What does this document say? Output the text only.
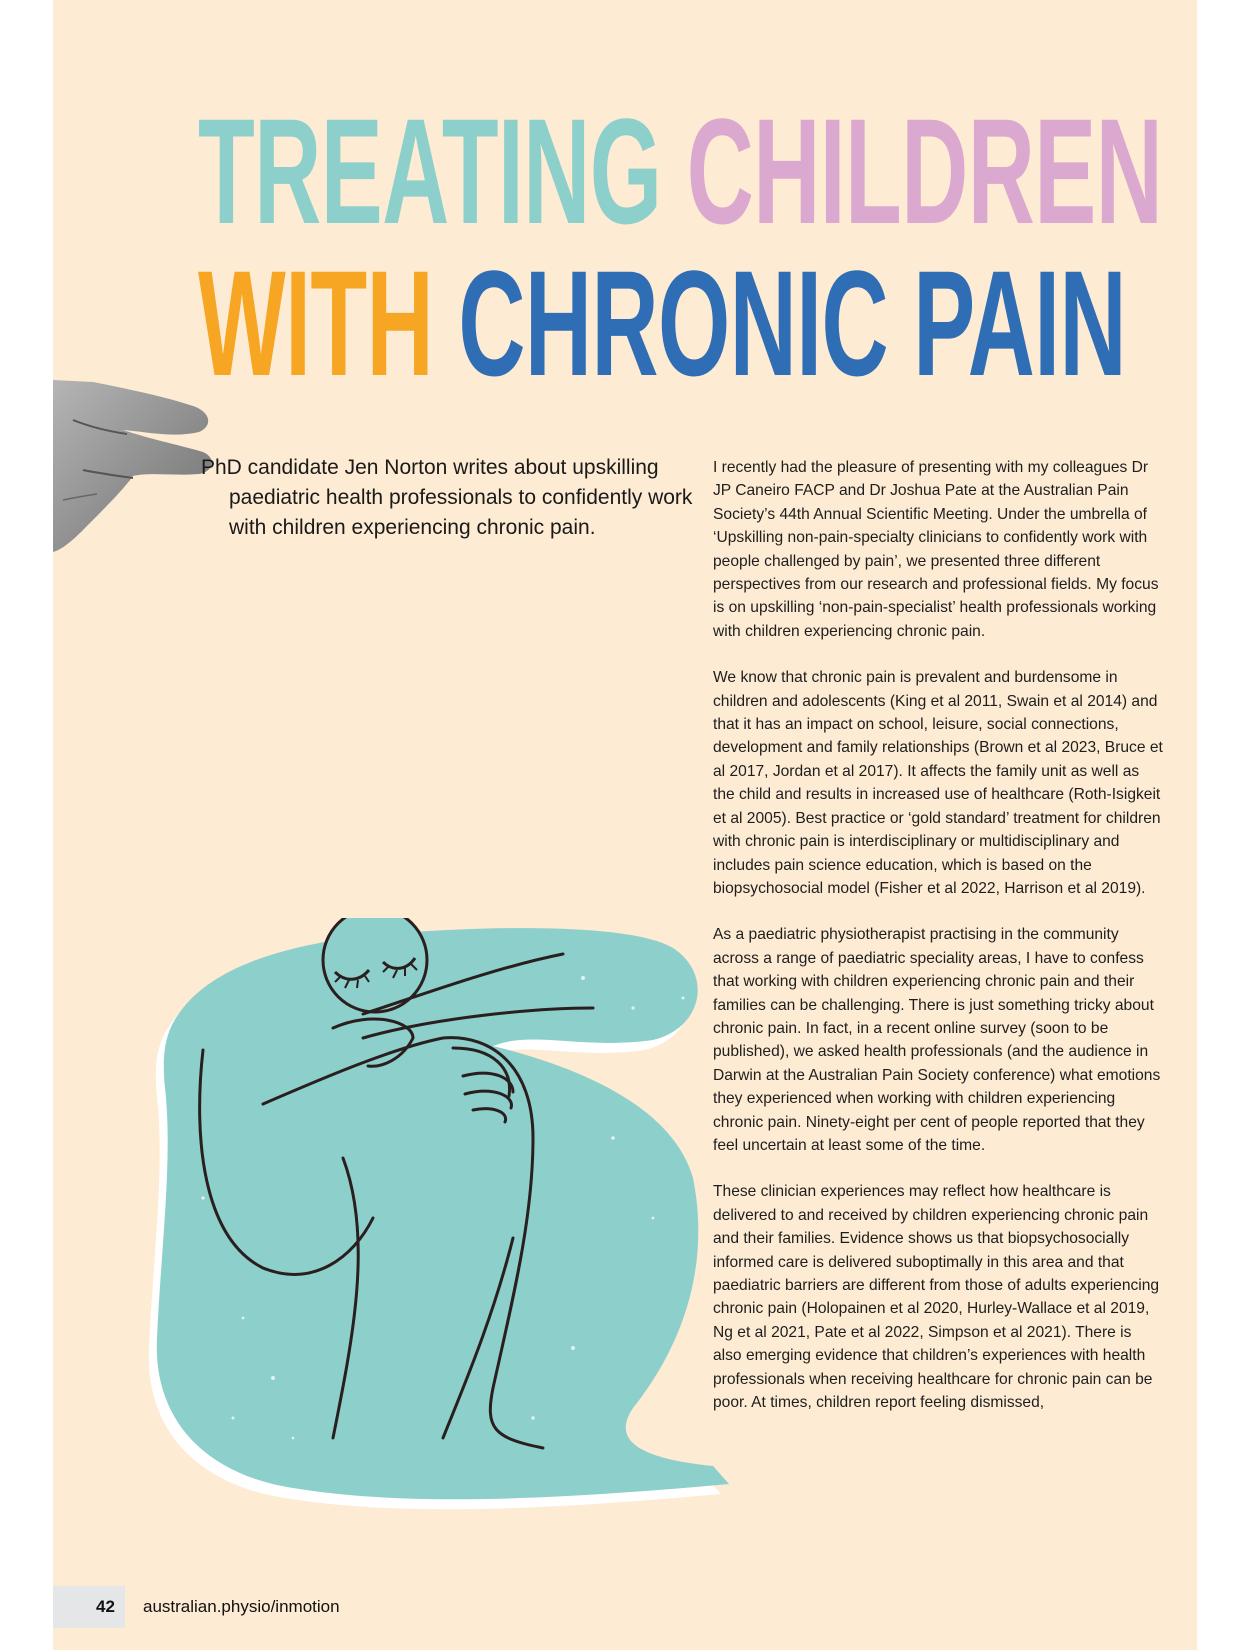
TREATING CHILDREN
WITH CHRONIC PAIN

PhD candidate Jen Norton writes about upskilling paediatric health professionals to confidently work with children experiencing chronic pain.

I recently had the pleasure of presenting with my colleagues Dr JP Caneiro FACP and Dr Joshua Pate at the Australian Pain Society’s 44th Annual Scientific Meeting. Under the umbrella of ‘Upskilling non-pain-specialty clinicians to confidently work with people challenged by pain’, we presented three different perspectives from our research and professional fields. My focus is on upskilling ‘non-pain-specialist’ health professionals working with children experiencing chronic pain.

We know that chronic pain is prevalent and burdensome in children and adolescents (King et al 2011, Swain et al 2014) and that it has an impact on school, leisure, social connections, development and family relationships (Brown et al 2023, Bruce et al 2017, Jordan et al 2017). It affects the family unit as well as the child and results in increased use of healthcare (Roth-Isigkeit et al 2005). Best practice or ‘gold standard’ treatment for children with chronic pain is interdisciplinary or multidisciplinary and includes pain science education, which is based on the biopsychosocial model (Fisher et al 2022, Harrison et al 2019).

As a paediatric physiotherapist practising in the community across a range of paediatric speciality areas, I have to confess that working with children experiencing chronic pain and their families can be challenging. There is just something tricky about chronic pain. In fact, in a recent online survey (soon to be published), we asked health professionals (and the audience in Darwin at the Australian Pain Society conference) what emotions they experienced when working with children experiencing chronic pain. Ninety-eight per cent of people reported that they feel uncertain at least some of the time.

These clinician experiences may reflect how healthcare is delivered to and received by children experiencing chronic pain and their families. Evidence shows us that biopsychosocially informed care is delivered suboptimally in this area and that paediatric barriers are different from those of adults experiencing chronic pain (Holopainen et al 2020, Hurley-Wallace et al 2019, Ng et al 2021, Pate et al 2022, Simpson et al 2021). There is also emerging evidence that children’s experiences with health professionals when receiving healthcare for chronic pain can be poor. At times, children report feeling dismissed,

42 australian.physio/inmotion
